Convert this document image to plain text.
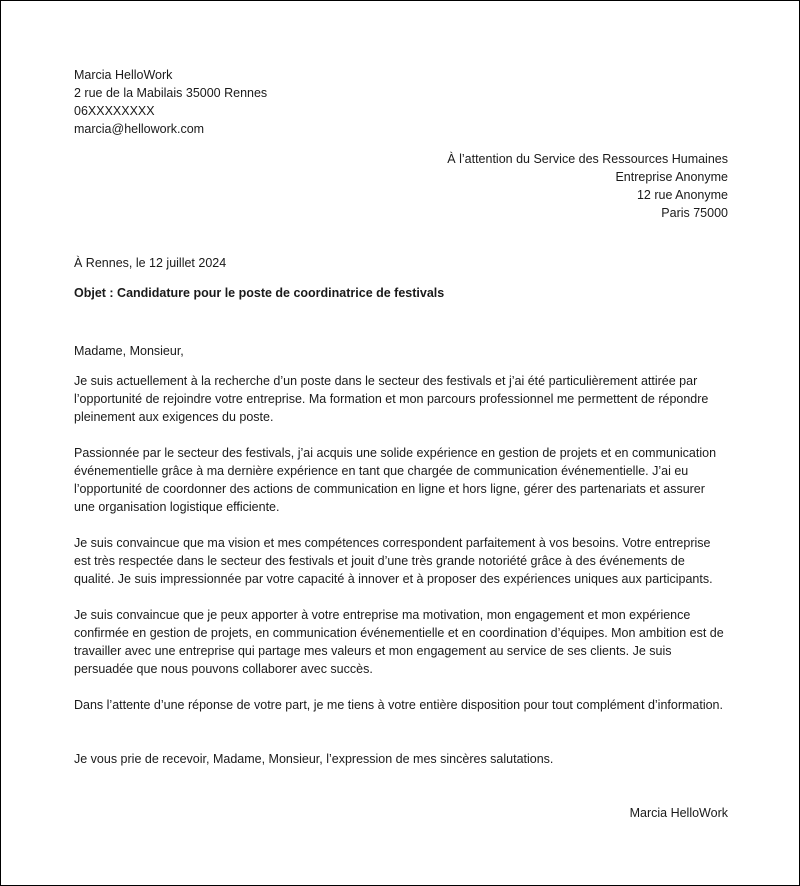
Marcia HelloWork
2 rue de la Mabilais 35000 Rennes
06XXXXXXXX
marcia@hellowork.com
À l’attention du Service des Ressources Humaines
Entreprise Anonyme
12 rue Anonyme
Paris 75000
À Rennes, le 12 juillet 2024
Objet : Candidature pour le poste de coordinatrice de festivals
Madame, Monsieur,

Je suis actuellement à la recherche d’un poste dans le secteur des festivals et j’ai été particulièrement attirée par l’opportunité de rejoindre votre entreprise. Ma formation et mon parcours professionnel me permettent de répondre pleinement aux exigences du poste.

Passionnée par le secteur des festivals, j’ai acquis une solide expérience en gestion de projets et en communication événementielle grâce à ma dernière expérience en tant que chargée de communication événementielle. J’ai eu l’opportunité de coordonner des actions de communication en ligne et hors ligne, gérer des partenariats et assurer une organisation logistique efficiente.

Je suis convaincue que ma vision et mes compétences correspondent parfaitement à vos besoins. Votre entreprise est très respectée dans le secteur des festivals et jouit d’une très grande notoriété grâce à des événements de qualité. Je suis impressionnée par votre capacité à innover et à proposer des expériences uniques aux participants.

Je suis convaincue que je peux apporter à votre entreprise ma motivation, mon engagement et mon expérience confirmée en gestion de projets, en communication événementielle et en coordination d’équipes. Mon ambition est de travailler avec une entreprise qui partage mes valeurs et mon engagement au service de ses clients. Je suis persuadée que nous pouvons collaborer avec succès.

Dans l’attente d’une réponse de votre part, je me tiens à votre entière disposition pour tout complément d’information.

Je vous prie de recevoir, Madame, Monsieur, l’expression de mes sincères salutations.

Marcia HelloWork
